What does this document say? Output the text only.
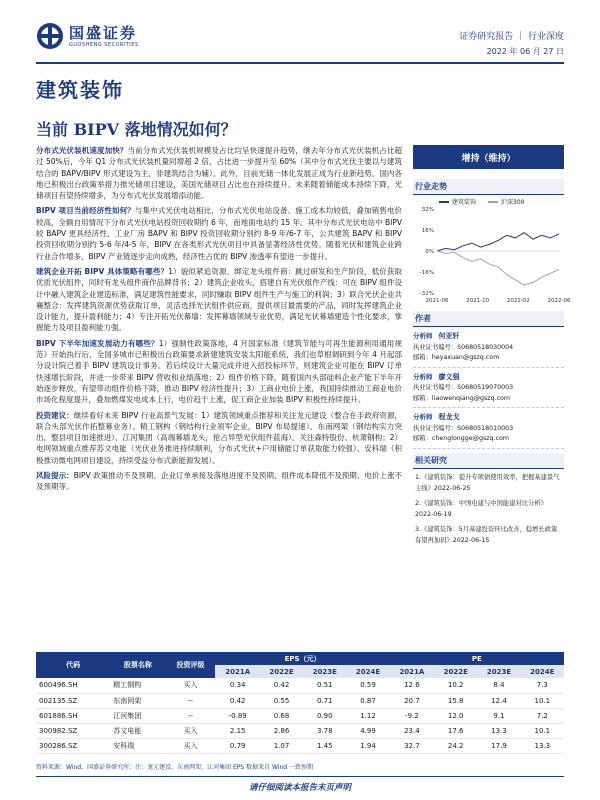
国盛证券
GUOSHENG SECURITIES
证券研究报告 ｜ 行业深度
2022 年 06 月 27 日
建筑装饰
当前 BIPV 落地情况如何？

分布式光伏装机速度加快？当前分布式光伏装机规模及占比均呈快速提升趋势，继去年分布式光伏装机占比超过 50%后，今年 Q1 分布式光伏装机量同增超 2 倍，占比进一步提升至 60%（其中分布式光伏主要以与建筑结合的 BAPV/BIPV 形式建设为主，非建筑结合为辅）。此外，目前光储一体化发展正成为行业新趋势，国内各地已积极出台政策举措力推光储项目建设，美国光储项目占比也在持续提升。未来随着储能成本持续下降，光储项目有望持续增多，为分布式光伏发展增添动能。

BIPV 项目当前经济性如何？与集中式光伏电站相比，分布式光伏电站设备、施工成本均较低，叠加销售电价较高，全额自用情况下分布式光伏电站投资回收期约 6 年，而地面电站约 15 年。其中分布式光伏电站中 BIPV 较 BAPV 更具经济性，工业厂房 BAPV 和 BIPV 投资回收期分别约 8-9 年/6-7 年，公共建筑 BAPV 和 BIPV 投资回收期分别约 5-6 年/4-5 年，BIPV 在各类形式光伏项目中具备显著经济性优势。随着光伏和建筑企业跨行业合作增多，BIPV 产业链逐步走向成熟，经济性占优的 BIPV 渗透率有望进一步提升。

建筑企业开拓 BIPV 具体策略有哪些？1）貌似紧追资源、绑定龙头组件商：跳过研发和生产阶段，低价获取优质光伏组件，同时有龙头组件商作品牌背书；2）建筑企业收头，搭建自有光伏组件产线：可在 BIPV 组件设计中融入建筑企业建造标准，满足建筑性能要求，同时赚取 BIPV 组件生产与施工的利润；3）联合光伏企业共襄整合：发挥建筑资源优势获取订单，灵活选择光伏组件供应商，提供项目最需要的产品，同时发挥建筑企业设计能力，提升盈利能力；4）专注开拓光伏幕墙：发挥幕墙领域专业优势，满足光伏幕墙建造个性化要求，掌握能力及项目盈利能力强。

BIPV 下半年加速发展动力有哪些？1）强制性政策落地，4 月国家标准《建筑节能与可再生能源利用通用规范》开始执行后，全国多城市已积极出台政策要求新建建筑安装太阳能系统，我们也草根调研到今年 4 月起部分设计院已着手 BIPV 建筑设计事务。若后续设计大量完成并进入招投标环节，则建筑企业可能在 BIPV 订单快速增长阶段，并进一步带来 BIPV 营收和业绩落地；2）组件价格下降，随着国内头部硅料企业产能下半年开始逐步释放，有望带动组件价格下降，推动 BIPV 经济性提升；3）工商业电价上涨，我国持续推动工商业电价市场化程度提升，叠加燃煤发电成本上行，电价趋于上涨，促工商企业加装 BIPV 积极性持续提升。

投资建议：继续看好未来 BIPV 行业高景气发展：1）建筑领域重点推荐和关注龙元建设（整合在手政府资源，联合头部光伏作拓整幕业务）、精工钢构（钢结构行业领军企业，BIPV 布局提速）、东南网架（钢结构实力突出，整县项目加速推进）、江河集团（高端幕墙龙头，抢占异型光伏组件蓝海），关注森特股份、杭萧钢构；2）电网领域重点推荐苏文电能（光伏业务推进持续顺利，分布式光伏+户用储能订单获取能力较强）、安科瑞（积极推动微电网项目建设，持续受益分布式新能源发展）。

风险提示：BIPV 政策推动不及预期、企业订单承接及落地进度不及预期、组件成本降低不及预期、电价上涨不及预期等。

增持（维持）
行业走势
建筑装饰	沪深300
32%
16%
0%
-16%
-32%
2021-06	2021-10	2022-02	2022-06
作者
分析师 何亚轩
执业证书编号：S0680518030004
邮箱：heyaxuan@gszq.com
分析师 廖文强
执业证书编号：S0680519070003
邮箱：liaowenqiang@gszq.com
分析师 程龙戈
执业证书编号：S0680518010003
邮箱：chenglongge@gszq.com
相关研究
1.《建筑装饰：提升专项债使用效率，把握基建景气主线》2022-06-25
2.《建筑装饰：中国电建与中国能建对比分析》2022-06-19
3.《建筑装饰：5月基建投资环比改善，稳增长政策有望再加码》2022-06-15
代码	股票名称	投资评级	EPS（元）				PE			
			2021A	2022E	2023E	2024E	2021A	2022E	2023E	2024E
600496.SH	精工钢构	买入	0.34	0.42	0.51	0.59	12.6	10.2	8.4	7.3
002135.SZ	东南网架	--	0.42	0.55	0.71	0.87	20.7	15.8	12.4	10.1
601886.SH	江河集团	--	-0.89	0.68	0.90	1.12	-9.2	12.0	9.1	7.2
300982.SZ	苏文电能	买入	2.15	2.86	3.78	4.99	23.4	17.6	13.3	10.1
300286.SZ	安科瑞	买入	0.79	1.07	1.45	1.94	32.7	24.2	17.9	13.3
资料来源：Wind，国盛证券研究所；注：龙元建设、东南网架、江河集团 EPS 数据来自 Wind 一致预期
请仔细阅读本报告末页声明
